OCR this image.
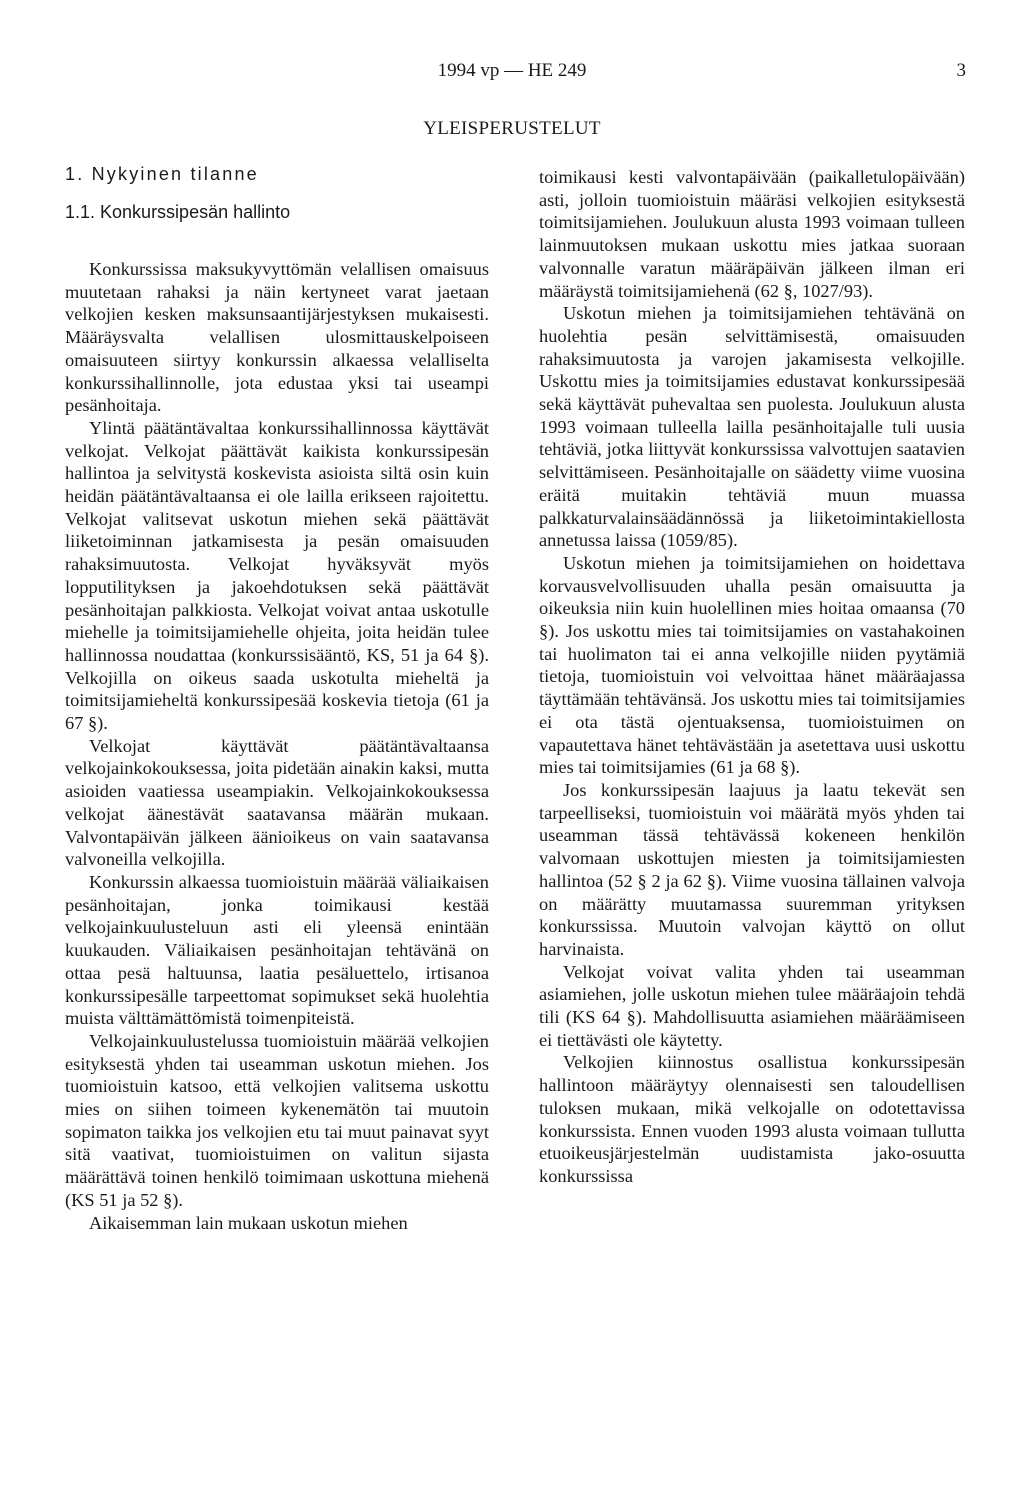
1994 vp — HE 249	3
YLEISPERUSTELUT
1. Nykyinen tilanne
1.1. Konkurssipesän hallinto

Konkurssissa maksukyvyttömän velallisen omaisuus muutetaan rahaksi ja näin kertyneet varat jaetaan velkojien kesken maksunsaantijärjestyksen mukaisesti. Määräysvalta velallisen ulosmittauskelpoiseen omaisuuteen siirtyy konkurssin alkaessa velalliselta konkurssihallinnolle, jota edustaa yksi tai useampi pesänhoitaja.

Ylintä päätäntävaltaa konkurssihallinnossa käyttävät velkojat. Velkojat päättävät kaikista konkurssipesän hallintoa ja selvitystä koskevista asioista siltä osin kuin heidän päätäntävaltaansa ei ole lailla erikseen rajoitettu. Velkojat valitsevat uskotun miehen sekä päättävät liiketoiminnan jatkamisesta ja pesän omaisuuden rahaksimuutosta. Velkojat hyväksyvät myös lopputilityksen ja jakoehdotuksen sekä päättävät pesänhoitajan palkkiosta. Velkojat voivat antaa uskotulle miehelle ja toimitsijamiehelle ohjeita, joita heidän tulee hallinnossa noudattaa (konkurssisääntö, KS, 51 ja 64 §). Velkojilla on oikeus saada uskotulta mieheltä ja toimitsijamieheltä konkurssipesää koskevia tietoja (61 ja 67 §).

Velkojat käyttävät päätäntävaltaansa velkojainkokouksessa, joita pidetään ainakin kaksi, mutta asioiden vaatiessa useampiakin. Velkojainkokouksessa velkojat äänestävät saatavansa määrän mukaan. Valvontapäivän jälkeen äänioikeus on vain saatavansa valvoneilla velkojilla.

Konkurssin alkaessa tuomioistuin määrää väliaikaisen pesänhoitajan, jonka toimikausi kestää velkojainkuulusteluun asti eli yleensä enintään kuukauden. Väliaikaisen pesänhoitajan tehtävänä on ottaa pesä haltuunsa, laatia pesäluettelo, irtisanoa konkurssipesälle tarpeettomat sopimukset sekä huolehtia muista välttämättömistä toimenpiteistä.

Velkojainkuulustelussa tuomioistuin määrää velkojien esityksestä yhden tai useamman uskotun miehen. Jos tuomioistuin katsoo, että velkojien valitsema uskottu mies on siihen toimeen kykenemätön tai muutoin sopimaton taikka jos velkojien etu tai muut painavat syyt sitä vaativat, tuomioistuimen on valitun sijasta määrättävä toinen henkilö toimimaan uskottuna miehenä (KS 51 ja 52 §).

Aikaisemman lain mukaan uskotun miehen

toimikausi kesti valvontapäivään (paikalletulopäivään) asti, jolloin tuomioistuin määräsi velkojien esityksestä toimitsijamiehen. Joulukuun alusta 1993 voimaan tulleen lainmuutoksen mukaan uskottu mies jatkaa suoraan valvonnalle varatun määräpäivän jälkeen ilman eri määräystä toimitsijamiehenä (62 §, 1027/93).

Uskotun miehen ja toimitsijamiehen tehtävänä on huolehtia pesän selvittämisestä, omaisuuden rahaksimuutosta ja varojen jakamisesta velkojille. Uskottu mies ja toimitsijamies edustavat konkurssipesää sekä käyttävät puhevaltaa sen puolesta. Joulukuun alusta 1993 voimaan tulleella lailla pesänhoitajalle tuli uusia tehtäviä, jotka liittyvät konkurssissa valvottujen saatavien selvittämiseen. Pesänhoitajalle on säädetty viime vuosina eräitä muitakin tehtäviä muun muassa palkkaturvalainsäädännössä ja liiketoimintakiellosta annetussa laissa (1059/85).

Uskotun miehen ja toimitsijamiehen on hoidettava korvausvelvollisuuden uhalla pesän omaisuutta ja oikeuksia niin kuin huolellinen mies hoitaa omaansa (70 §). Jos uskottu mies tai toimitsijamies on vastahakoinen tai huolimaton tai ei anna velkojille niiden pyytämiä tietoja, tuomioistuin voi velvoittaa hänet määräajassa täyttämään tehtävänsä. Jos uskottu mies tai toimitsijamies ei ota tästä ojentuaksensa, tuomioistuimen on vapautettava hänet tehtävästään ja asetettava uusi uskottu mies tai toimitsijamies (61 ja 68 §).

Jos konkurssipesän laajuus ja laatu tekevät sen tarpeelliseksi, tuomioistuin voi määrätä myös yhden tai useamman tässä tehtävässä kokeneen henkilön valvomaan uskottujen miesten ja toimitsijamiesten hallintoa (52 § 2 ja 62 §). Viime vuosina tällainen valvoja on määrätty muutamassa suuremman yrityksen konkurssissa. Muutoin valvojan käyttö on ollut harvinaista.

Velkojat voivat valita yhden tai useamman asiamiehen, jolle uskotun miehen tulee määräajoin tehdä tili (KS 64 §). Mahdollisuutta asiamiehen määräämiseen ei tiettävästi ole käytetty.

Velkojien kiinnostus osallistua konkurssipesän hallintoon määräytyy olennaisesti sen taloudellisen tuloksen mukaan, mikä velkojalle on odotettavissa konkurssista. Ennen vuoden 1993 alusta voimaan tullutta etuoikeusjärjestelmän uudistamista jako-osuutta konkurssissa
